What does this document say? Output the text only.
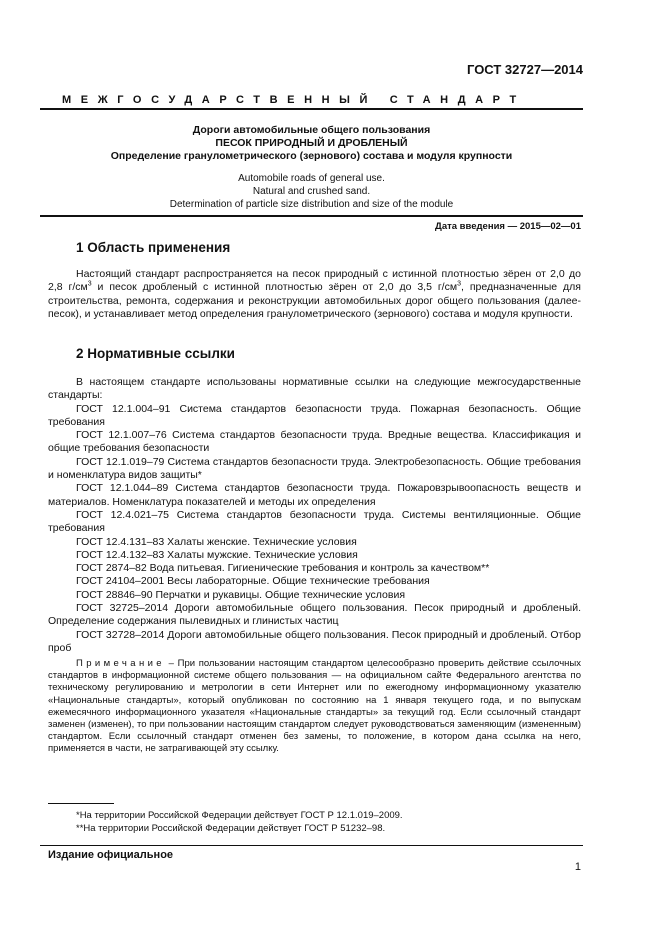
ГОСТ 32727—2014
МЕЖГОСУДАРСТВЕННЫЙ СТАНДАРТ
Дороги автомобильные общего пользования
ПЕСОК ПРИРОДНЫЙ И ДРОБЛЕНЫЙ
Определение гранулометрического (зернового) состава и модуля крупности
Automobile roads of general use.
Natural and crushed sand.
Determination of particle size distribution and size of the module
Дата введения — 2015—02—01
1 Область применения

Настоящий стандарт распространяется на песок природный с истинной плотностью зёрен от 2,0 до 2,8 $г/см^3$ и песок дробленый с истинной плотностью зёрен от 2,0 до 3,5 $г/см^3$, предназначенные для строительства, ремонта, содержания и реконструкции автомобильных дорог общего пользования (далее-песок), и устанавливает метод определения гранулометрического (зернового) состава и модуля крупности.

2 Нормативные ссылки

В настоящем стандарте использованы нормативные ссылки на следующие межгосударственные стандарты:

ГОСТ 12.1.004–91 Система стандартов безопасности труда. Пожарная безопасность. Общие требования

ГОСТ 12.1.007–76 Система стандартов безопасности труда. Вредные вещества. Классификация и общие требования безопасности

ГОСТ 12.1.019–79 Система стандартов безопасности труда. Электробезопасность. Общие требования и номенклатура видов защиты*

ГОСТ 12.1.044–89 Система стандартов безопасности труда. Пожаровзрывоопасность веществ и материалов. Номенклатура показателей и методы их определения

ГОСТ 12.4.021–75 Система стандартов безопасности труда. Системы вентиляционные. Общие требования

ГОСТ 12.4.131–83 Халаты женские. Технические условия

ГОСТ 12.4.132–83 Халаты мужские. Технические условия

ГОСТ 2874–82 Вода питьевая. Гигиенические требования и контроль за качеством**

ГОСТ 24104–2001 Весы лабораторные. Общие технические требования

ГОСТ 28846–90 Перчатки и рукавицы. Общие технические условия

ГОСТ 32725–2014 Дороги автомобильные общего пользования. Песок природный и дробленый. Определение содержания пылевидных и глинистых частиц

ГОСТ 32728–2014 Дороги автомобильные общего пользования. Песок природный и дробленый. Отбор проб

Примечание – При пользовании настоящим стандартом целесообразно проверить действие ссылочных стандартов в информационной системе общего пользования — на официальном сайте Федерального агентства по техническому регулированию и метрологии в сети Интернет или по ежегодному информационному указателю «Национальные стандарты», который опубликован по состоянию на 1 января текущего года, и по выпускам ежемесячного информационного указателя «Национальные стандарты» за текущий год. Если ссылочный стандарт заменен (изменен), то при пользовании настоящим стандартом следует руководствоваться заменяющим (измененным) стандартом. Если ссылочный стандарт отменен без замены, то положение, в котором дана ссылка на него, применяется в части, не затрагивающей эту ссылку.

*На территории Российской Федерации действует ГОСТ Р 12.1.019–2009.
**На территории Российской Федерации действует ГОСТ Р 51232–98.
Издание официальное
1
